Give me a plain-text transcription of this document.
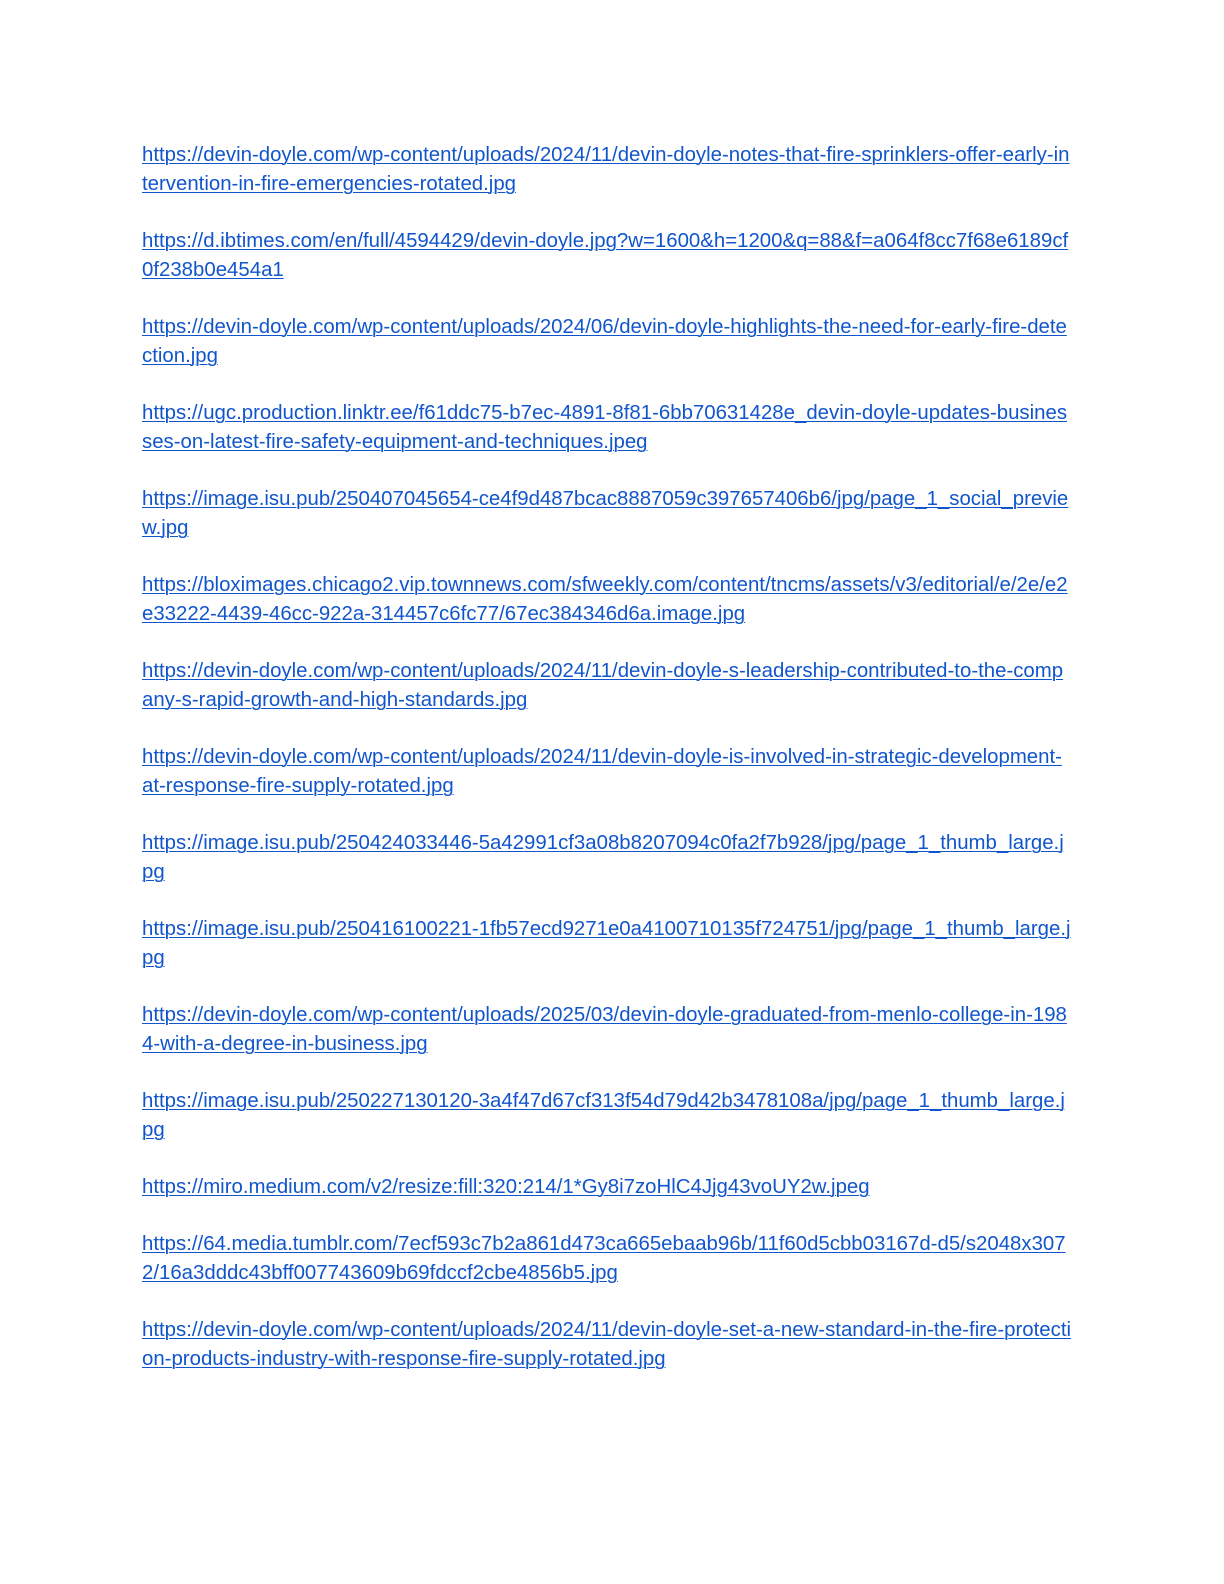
https://devin-doyle.com/wp-content/uploads/2024/11/devin-doyle-notes-that-fire-sprinklers-offer-early-intervention-in-fire-emergencies-rotated.jpg
https://d.ibtimes.com/en/full/4594429/devin-doyle.jpg?w=1600&h=1200&q=88&f=a064f8cc7f68e6189cf0f238b0e454a1
https://devin-doyle.com/wp-content/uploads/2024/06/devin-doyle-highlights-the-need-for-early-fire-detection.jpg
https://ugc.production.linktr.ee/f61ddc75-b7ec-4891-8f81-6bb70631428e_devin-doyle-updates-businesses-on-latest-fire-safety-equipment-and-techniques.jpeg
https://image.isu.pub/250407045654-ce4f9d487bcac8887059c397657406b6/jpg/page_1_social_preview.jpg
https://bloximages.chicago2.vip.townnews.com/sfweekly.com/content/tncms/assets/v3/editorial/e/2e/e2e33222-4439-46cc-922a-314457c6fc77/67ec384346d6a.image.jpg
https://devin-doyle.com/wp-content/uploads/2024/11/devin-doyle-s-leadership-contributed-to-the-company-s-rapid-growth-and-high-standards.jpg
https://devin-doyle.com/wp-content/uploads/2024/11/devin-doyle-is-involved-in-strategic-development-at-response-fire-supply-rotated.jpg
https://image.isu.pub/250424033446-5a42991cf3a08b8207094c0fa2f7b928/jpg/page_1_thumb_large.jpg
https://image.isu.pub/250416100221-1fb57ecd9271e0a4100710135f724751/jpg/page_1_thumb_large.jpg
https://devin-doyle.com/wp-content/uploads/2025/03/devin-doyle-graduated-from-menlo-college-in-1984-with-a-degree-in-business.jpg
https://image.isu.pub/250227130120-3a4f47d67cf313f54d79d42b3478108a/jpg/page_1_thumb_large.jpg
https://miro.medium.com/v2/resize:fill:320:214/1*Gy8i7zoHlC4Jjg43voUY2w.jpeg
https://64.media.tumblr.com/7ecf593c7b2a861d473ca665ebaab96b/11f60d5cbb03167d-d5/s2048x3072/16a3dddc43bff007743609b69fdccf2cbe4856b5.jpg
https://devin-doyle.com/wp-content/uploads/2024/11/devin-doyle-set-a-new-standard-in-the-fire-protection-products-industry-with-response-fire-supply-rotated.jpg
